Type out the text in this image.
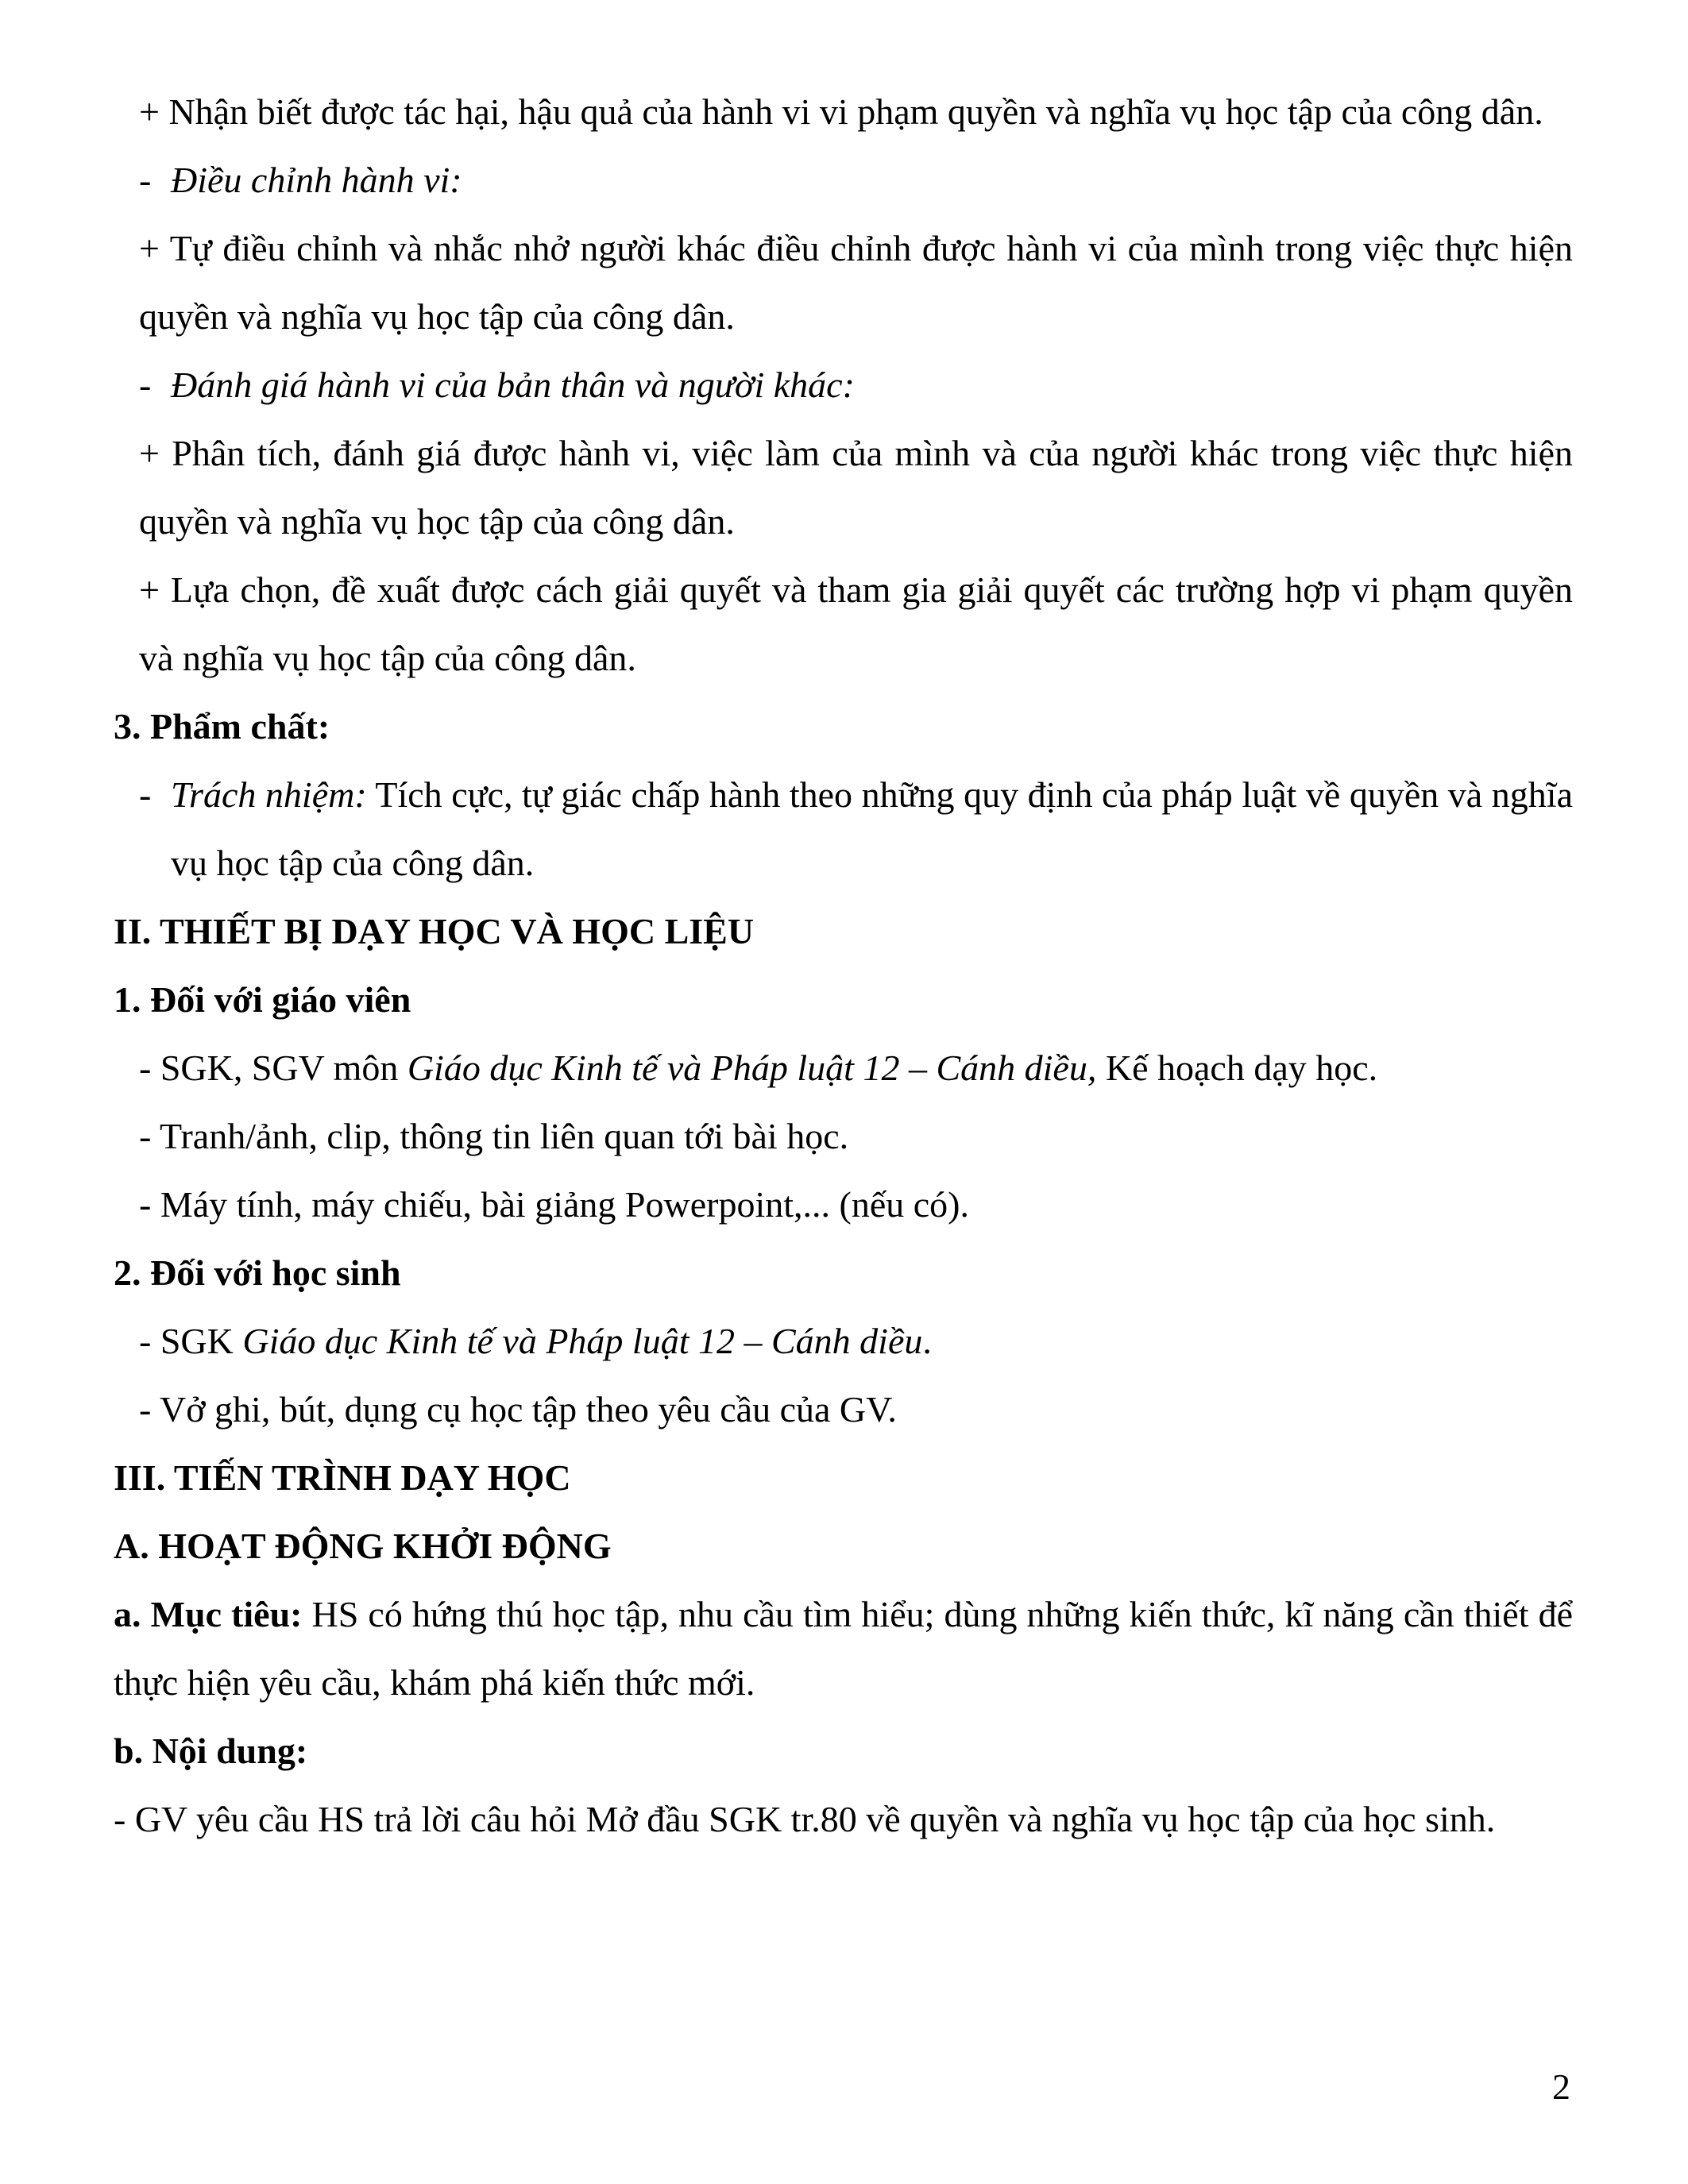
+ Nhận biết được tác hại, hậu quả của hành vi vi phạm quyền và nghĩa vụ học tập của công dân.

- Điều chỉnh hành vi:

+ Tự điều chỉnh và nhắc nhở người khác điều chỉnh được hành vi của mình trong việc thực hiện quyền và nghĩa vụ học tập của công dân.

- Đánh giá hành vi của bản thân và người khác:

+ Phân tích, đánh giá được hành vi, việc làm của mình và của người khác trong việc thực hiện quyền và nghĩa vụ học tập của công dân.

+ Lựa chọn, đề xuất được cách giải quyết và tham gia giải quyết các trường hợp vi phạm quyền và nghĩa vụ học tập của công dân.

3. Phẩm chất:

- Trách nhiệm: Tích cực, tự giác chấp hành theo những quy định của pháp luật về quyền và nghĩa vụ học tập của công dân.

II. THIẾT BỊ DẠY HỌC VÀ HỌC LIỆU

1. Đối với giáo viên

- SGK, SGV môn Giáo dục Kinh tế và Pháp luật 12 – Cánh diều, Kế hoạch dạy học.

- Tranh/ảnh, clip, thông tin liên quan tới bài học.

- Máy tính, máy chiếu, bài giảng Powerpoint,... (nếu có).

2. Đối với học sinh

- SGK Giáo dục Kinh tế và Pháp luật 12 – Cánh diều.

- Vở ghi, bút, dụng cụ học tập theo yêu cầu của GV.

III. TIẾN TRÌNH DẠY HỌC

A. HOẠT ĐỘNG KHỞI ĐỘNG

a. Mục tiêu: HS có hứng thú học tập, nhu cầu tìm hiểu; dùng những kiến thức, kĩ năng cần thiết để thực hiện yêu cầu, khám phá kiến thức mới.

b. Nội dung:

- GV yêu cầu HS trả lời câu hỏi Mở đầu SGK tr.80 về quyền và nghĩa vụ học tập của học sinh.

2
